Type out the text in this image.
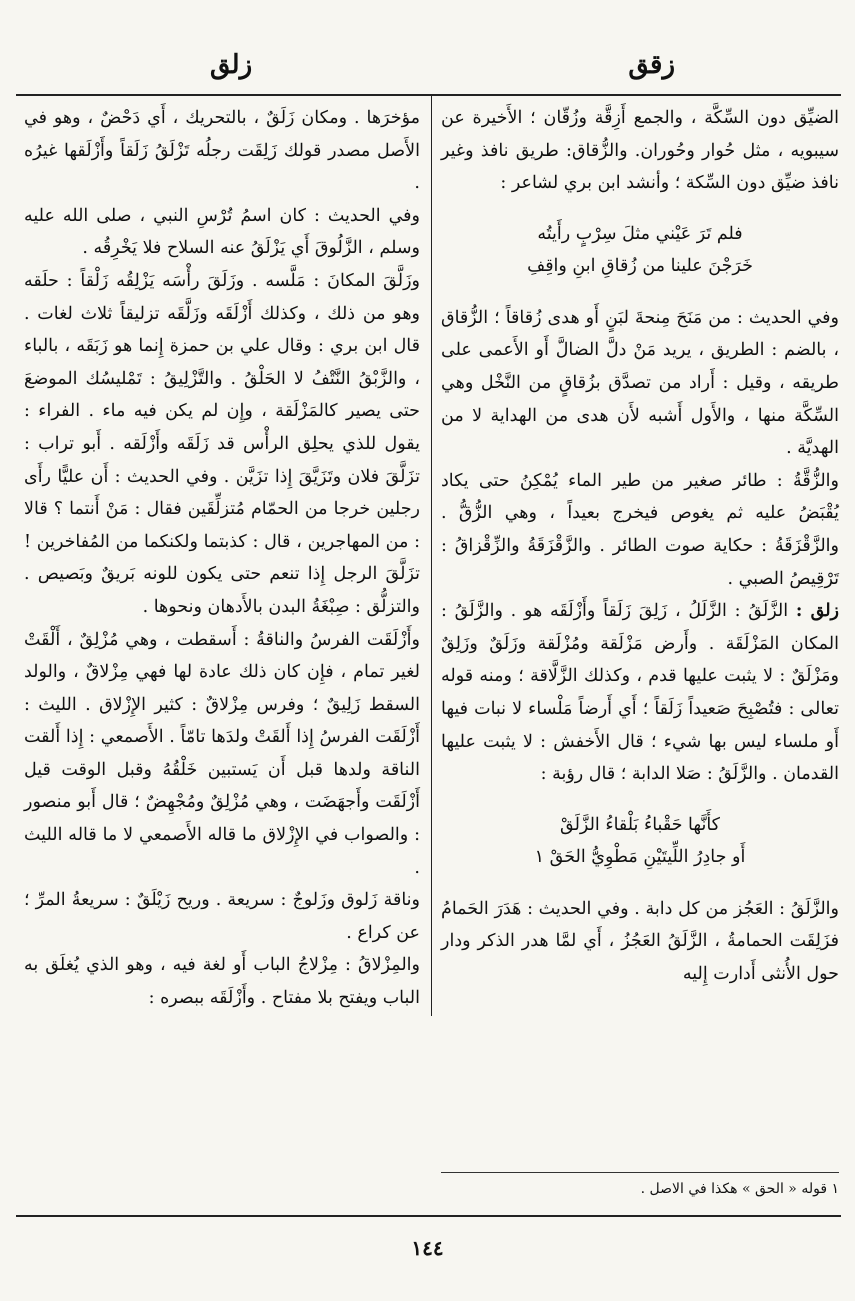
زقق
زلق

الضيِّق دون السِّكَّة ، والجمع أَزِقَّة وزُقّان ؛ الأَخيرة عن سيبويه ، مثل حُوار وحُوران. والزُّقاق: طريق نافذ وغير نافذ ضيِّق دون السِّكة ؛ وأنشد ابن بري لشاعر :

فلم تَرَ عَيْني مثلَ سِرْبٍ رأَيتُه
خَرَجْنَ علينا من زُقاقِ ابنِ واقِفِ

وفي الحديث : من مَنَحَ مِنحةَ لبَنٍ أَو هدى زُقاقاً ؛ الزُّقاق ، بالضم : الطريق ، يريد مَنْ دلَّ الضالَّ أَو الأَعمى على طريقه ، وقيل : أَراد من تصدَّق بزُقاقٍ من النَّخْل وهي السِّكَّة منها ، والأَول أَشبه لأَن هدى من الهداية لا من الهديَّة .

والزُّقَّةُ : طائر صغير من طير الماء يُمْكِنُ حتى يكاد يُقْبَضُ عليه ثم يغوص فيخرج بعيداً ، وهي الزُّقُّ . والزَّقْزَقَةُ : حكاية صوت الطائر . والزَّقْزَقَةُ والزِّقْزاقُ : تَرْقِيصُ الصبي .

زلق : الزَّلَقُ : الزَّلَلُ ، زَلِقَ زَلَقاً وأَزْلَقَه هو . والزَّلَقُ : المكان المَزْلَقَة . وأَرض مَزْلَقة ومُزْلَقة وزَلَقٌ وزَلِقٌ ومَزْلَقٌ : لا يثبت عليها قدم ، وكذلك الزَّلَّاقة ؛ ومنه قوله تعالى : فتُصْبِحَ صَعيداً زَلَقاً ؛ أَي أَرضاً مَلْساء لا نبات فيها أَو ملساء ليس بها شيء ؛ قال الأَخفش : لا يثبت عليها القدمان . والزَّلَقُ : صَلا الدابة ؛ قال رؤبة :

كأَنَّها حَقْباءُ بَلْقاءُ الزَّلَقْ
أَو جادِرُ اللِّيتَيْنِ مَطْوِيُّ الحَقْ ١

والزَّلَقُ : العَجُز من كل دابة . وفي الحديث : هَدَرَ الحَمامُ فزَلِقَت الحمامةُ ، الزَّلَقُ العَجُزُ ، أَي لمَّا هدر الذكر ودار حول الأُنثى أَدارت إِليه

مؤخرَها . ومكان زَلَقٌ ، بالتحريك ، أَي دَحْضٌ ، وهو في الأَصل مصدر قولك زَلِقَت رجلُه تَزْلَقُ زَلَقاً وأَزْلَقها غيرُه .

وفي الحديث : كان اسمُ تُرْسِ النبي ، صلى الله عليه وسلم ، الزَّلُوقَ أَي يَزْلَقُ عنه السلاح فلا يَخْرِقُه .

وزَلَّقَ المكانَ : مَلَّسه . وزَلَقَ رأْسَه يَزْلِقُه زَلْقاً : حلَقه وهو من ذلك ، وكذلك أَزْلَقَه وزَلَّقَه تزليقاً ثلاث لغات . قال ابن بري : وقال علي بن حمزة إِنما هو زَبَقَه ، بالباء ، والزَّبْقُ النَّتْفُ لا الحَلْقُ . والتَّزْلِيقُ : تَمْليسُك الموضعَ حتى يصير كالمَزْلَقة ، وإِن لم يكن فيه ماء . الفراء : يقول للذي يحلِق الرأْس قد زَلَقَه وأَزْلَقه . أَبو تراب : تزَلَّقَ فلان وتَزَيَّقَ إِذا تزَيَّن . وفي الحديث : أَن عليًّا رأَى رجلين خرجا من الحمّام مُتزلِّقَين فقال : مَنْ أَنتما ؟ قالا : من المهاجرين ، قال : كذبتما ولكنكما من المُفاخرين ! تزَلَّقَ الرجل إِذا تنعم حتى يكون للونه بَريقٌ وبَصيص . والتزلُّق : صِبْغَةُ البدن بالأَدهان ونحوها .

وأَزْلَقَت الفرسُ والناقةُ : أَسقطت ، وهي مُزْلِقٌ ، أَلْقَتْ لغير تمام ، فإِن كان ذلك عادة لها فهي مِزْلاقٌ ، والولد السقط زَلِيقٌ ؛ وفرس مِزْلاقٌ : كثير الإِزْلاق . الليث : أَزْلَقَت الفرسُ إِذا أَلقَتْ ولدَها تامّاً . الأَصمعي : إِذا أَلقت الناقة ولدها قبل أَن يَستبين خَلْقُهُ وقبل الوقت قيل أَزْلَقَت وأَجهَضَت ، وهي مُزْلِقٌ ومُجْهِضٌ ؛ قال أَبو منصور : والصواب في الإِزْلاق ما قاله الأَصمعي لا ما قاله الليث .

وناقة زَلوق وزَلوجٌ : سريعة . وريح زَيْلَقٌ : سريعةُ المرِّ ؛ عن كراع .

والمِزْلاقُ : مِزْلاجُ الباب أَو لغة فيه ، وهو الذي يُغلَق به الباب ويفتح بلا مفتاح . وأَزْلَقَه ببصره :

١ قوله « الحق » هكذا في الاصل .
١٤٤
